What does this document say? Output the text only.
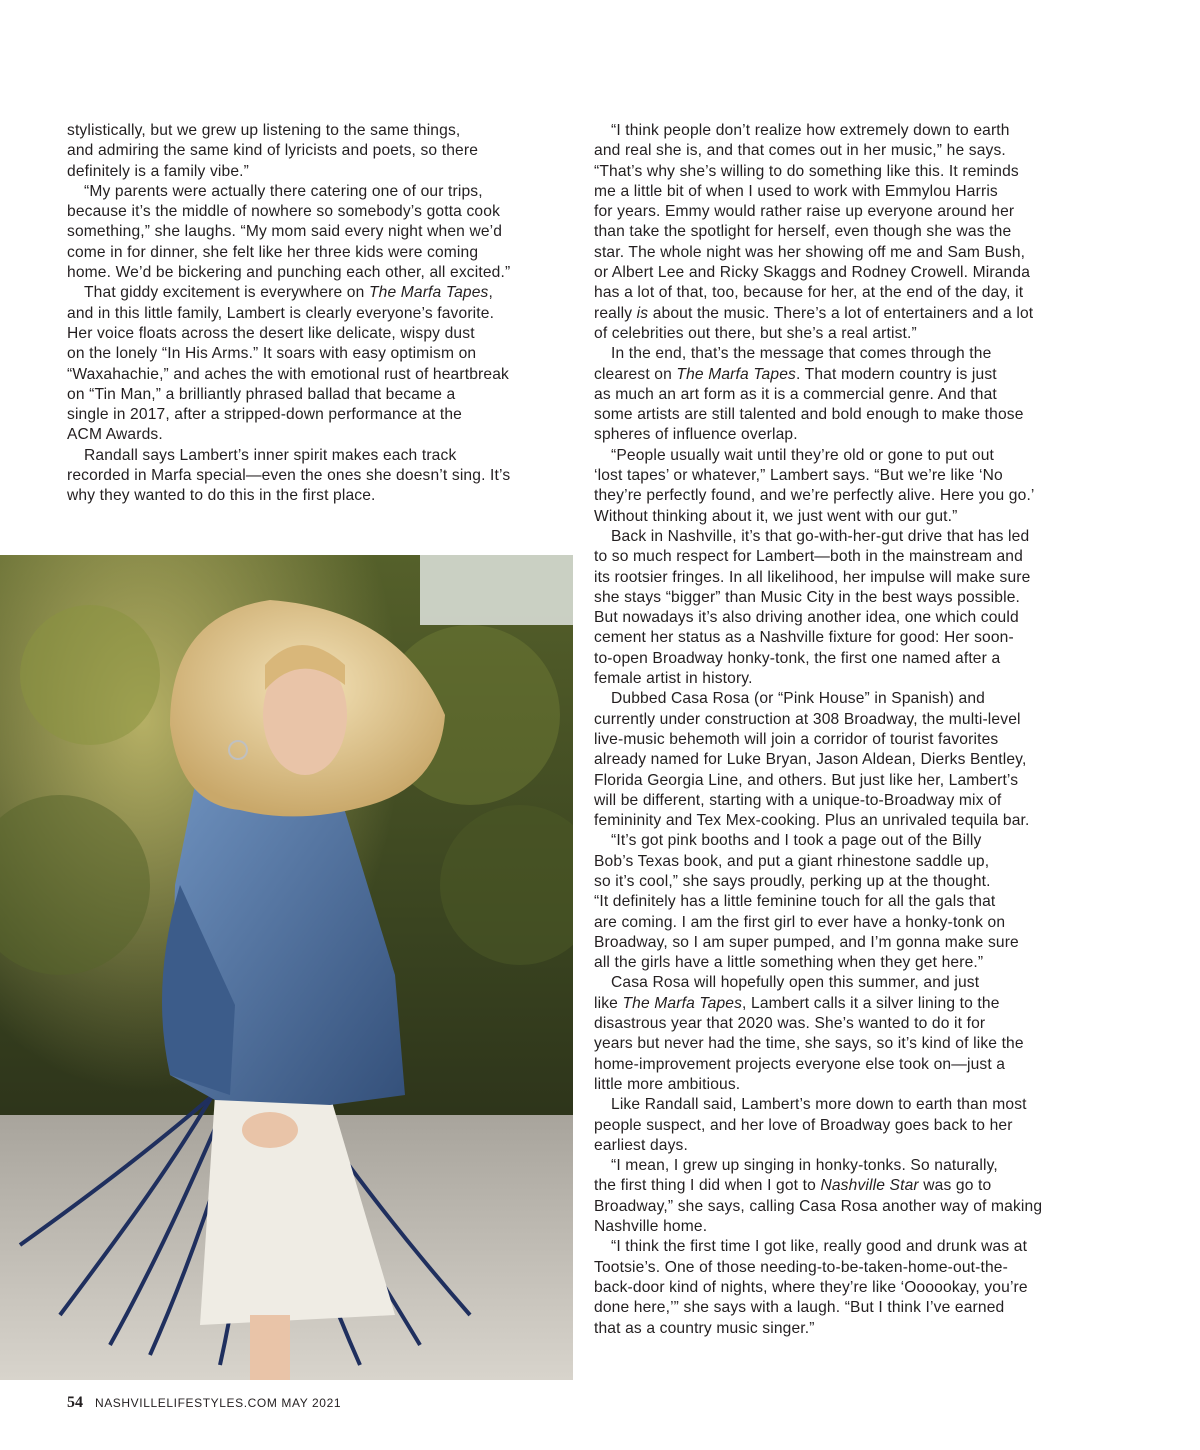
stylistically, but we grew up listening to the same things,
and admiring the same kind of lyricists and poets, so there
definitely is a family vibe.”
“My parents were actually there catering one of our trips,
because it’s the middle of nowhere so somebody’s gotta cook
something,” she laughs. “My mom said every night when we’d
come in for dinner, she felt like her three kids were coming
home. We’d be bickering and punching each other, all excited.”
That giddy excitement is everywhere on The Marfa Tapes,
and in this little family, Lambert is clearly everyone’s favorite.
Her voice floats across the desert like delicate, wispy dust
on the lonely “In His Arms.” It soars with easy optimism on
“Waxahachie,” and aches the with emotional rust of heartbreak
on “Tin Man,” a brilliantly phrased ballad that became a
single in 2017, after a stripped-down performance at the
ACM Awards.
Randall says Lambert’s inner spirit makes each track
recorded in Marfa special—even the ones she doesn’t sing. It’s
why they wanted to do this in the first place.
“I think people don’t realize how extremely down to earth
and real she is, and that comes out in her music,” he says.
“That’s why she’s willing to do something like this. It reminds
me a little bit of when I used to work with Emmylou Harris
for years. Emmy would rather raise up everyone around her
than take the spotlight for herself, even though she was the
star. The whole night was her showing off me and Sam Bush,
or Albert Lee and Ricky Skaggs and Rodney Crowell. Miranda
has a lot of that, too, because for her, at the end of the day, it
really is about the music. There’s a lot of entertainers and a lot
of celebrities out there, but she’s a real artist.”
In the end, that’s the message that comes through the
clearest on The Marfa Tapes. That modern country is just
as much an art form as it is a commercial genre. And that
some artists are still talented and bold enough to make those
spheres of influence overlap.
“People usually wait until they’re old or gone to put out
‘lost tapes’ or whatever,” Lambert says. “But we’re like ‘No
they’re perfectly found, and we’re perfectly alive. Here you go.’
Without thinking about it, we just went with our gut.”
Back in Nashville, it’s that go-with-her-gut drive that has led
to so much respect for Lambert—both in the mainstream and
its rootsier fringes. In all likelihood, her impulse will make sure
she stays “bigger” than Music City in the best ways possible.
But nowadays it’s also driving another idea, one which could
cement her status as a Nashville fixture for good: Her soon-
to-open Broadway honky-tonk, the first one named after a
female artist in history.
Dubbed Casa Rosa (or “Pink House” in Spanish) and
currently under construction at 308 Broadway, the multi-level
live-music behemoth will join a corridor of tourist favorites
already named for Luke Bryan, Jason Aldean, Dierks Bentley,
Florida Georgia Line, and others. But just like her, Lambert’s
will be different, starting with a unique-to-Broadway mix of
femininity and Tex Mex-cooking. Plus an unrivaled tequila bar.
“It’s got pink booths and I took a page out of the Billy
Bob’s Texas book, and put a giant rhinestone saddle up,
so it’s cool,” she says proudly, perking up at the thought.
“It definitely has a little feminine touch for all the gals that
are coming. I am the first girl to ever have a honky-tonk on
Broadway, so I am super pumped, and I’m gonna make sure
all the girls have a little something when they get here.”
Casa Rosa will hopefully open this summer, and just
like The Marfa Tapes, Lambert calls it a silver lining to the
disastrous year that 2020 was. She’s wanted to do it for
years but never had the time, she says, so it’s kind of like the
home-improvement projects everyone else took on—just a
little more ambitious.
Like Randall said, Lambert’s more down to earth than most
people suspect, and her love of Broadway goes back to her
earliest days.
“I mean, I grew up singing in honky-tonks. So naturally,
the first thing I did when I got to Nashville Star was go to
Broadway,” she says, calling Casa Rosa another way of making
Nashville home.
“I think the first time I got like, really good and drunk was at
Tootsie’s. One of those needing-to-be-taken-home-out-the-
back-door kind of nights, where they’re like ‘Oooookay, you’re
done here,’” she says with a laugh. “But I think I’ve earned
that as a country music singer.”
54 NASHVILLELIFESTYLES.COM MAY 2021
